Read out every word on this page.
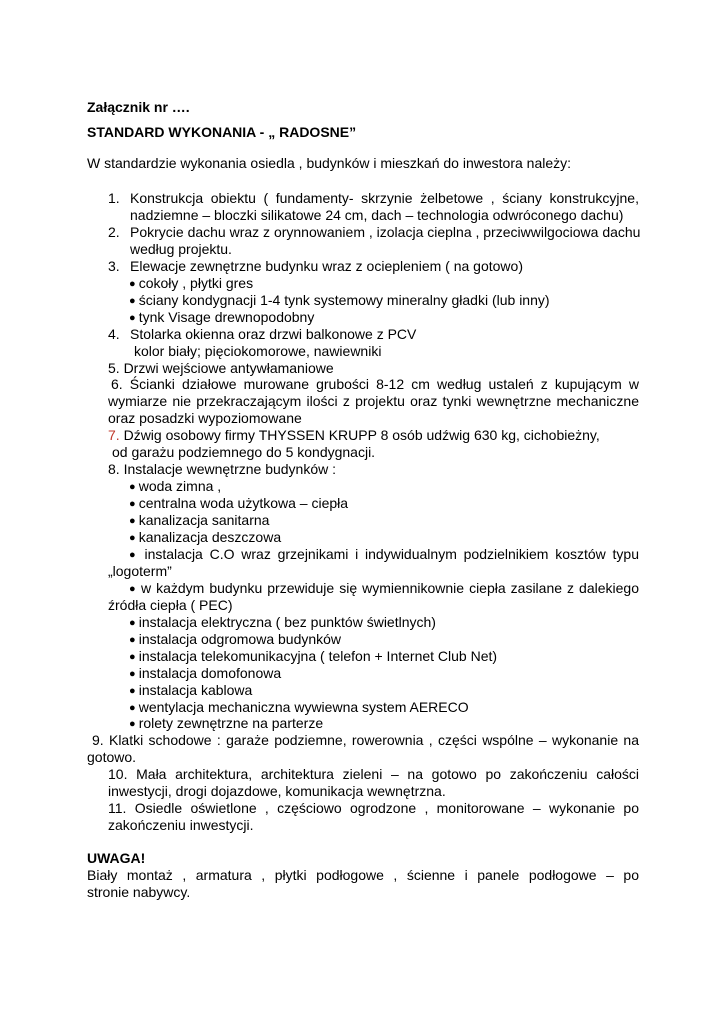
Załącznik nr ….
STANDARD WYKONANIA - „ RADOSNE”
W standardzie wykonania osiedla , budynków i mieszkań do inwestora należy:
1. Konstrukcja obiektu ( fundamenty- skrzynie żelbetowe , ściany konstrukcyjne,
nadziemne – bloczki silikatowe 24 cm, dach – technologia odwróconego dachu)
2. Pokrycie dachu wraz z orynnowaniem , izolacja cieplna , przeciwwilgociowa dachu
według projektu.
3. Elewacje zewnętrzne budynku wraz z ociepleniem ( na gotowo)
● cokoły , płytki gres
● ściany kondygnacji 1-4 tynk systemowy mineralny gładki (lub inny)
● tynk Visage drewnopodobny
4. Stolarka okienna oraz drzwi balkonowe z PCV
kolor biały; pięciokomorowe, nawiewniki
5. Drzwi wejściowe antywłamaniowe
6. Ścianki działowe murowane grubości 8-12 cm według ustaleń z kupującym w
wymiarze nie przekraczającym ilości z projektu oraz tynki wewnętrzne mechaniczne
oraz posadzki wypoziomowane
7. Dźwig osobowy firmy THYSSEN KRUPP 8 osób udźwig 630 kg, cichobieżny,
od garażu podziemnego do 5 kondygnacji.
8. Instalacje wewnętrzne budynków :
● woda zimna ,
● centralna woda użytkowa – ciepła
● kanalizacja sanitarna
● kanalizacja deszczowa
● instalacja C.O wraz grzejnikami i indywidualnym podzielnikiem kosztów typu
„logoterm”
● w każdym budynku przewiduje się wymiennikownie ciepła zasilane z dalekiego
źródła ciepła ( PEC)
● instalacja elektryczna ( bez punktów świetlnych)
● instalacja odgromowa budynków
● instalacja telekomunikacyjna ( telefon + Internet Club Net)
● instalacja domofonowa
● instalacja kablowa
● wentylacja mechaniczna wywiewna system AERECO
● rolety zewnętrzne na parterze
9. Klatki schodowe : garaże podziemne, rowerownia , części wspólne – wykonanie na
gotowo.
10. Mała architektura, architektura zieleni – na gotowo po zakończeniu całości
inwestycji, drogi dojazdowe, komunikacja wewnętrzna.
11. Osiedle oświetlone , częściowo ogrodzone , monitorowane – wykonanie po
zakończeniu inwestycji.
UWAGA!
Biały montaż , armatura , płytki podłogowe , ścienne i panele podłogowe – po
stronie nabywcy.
